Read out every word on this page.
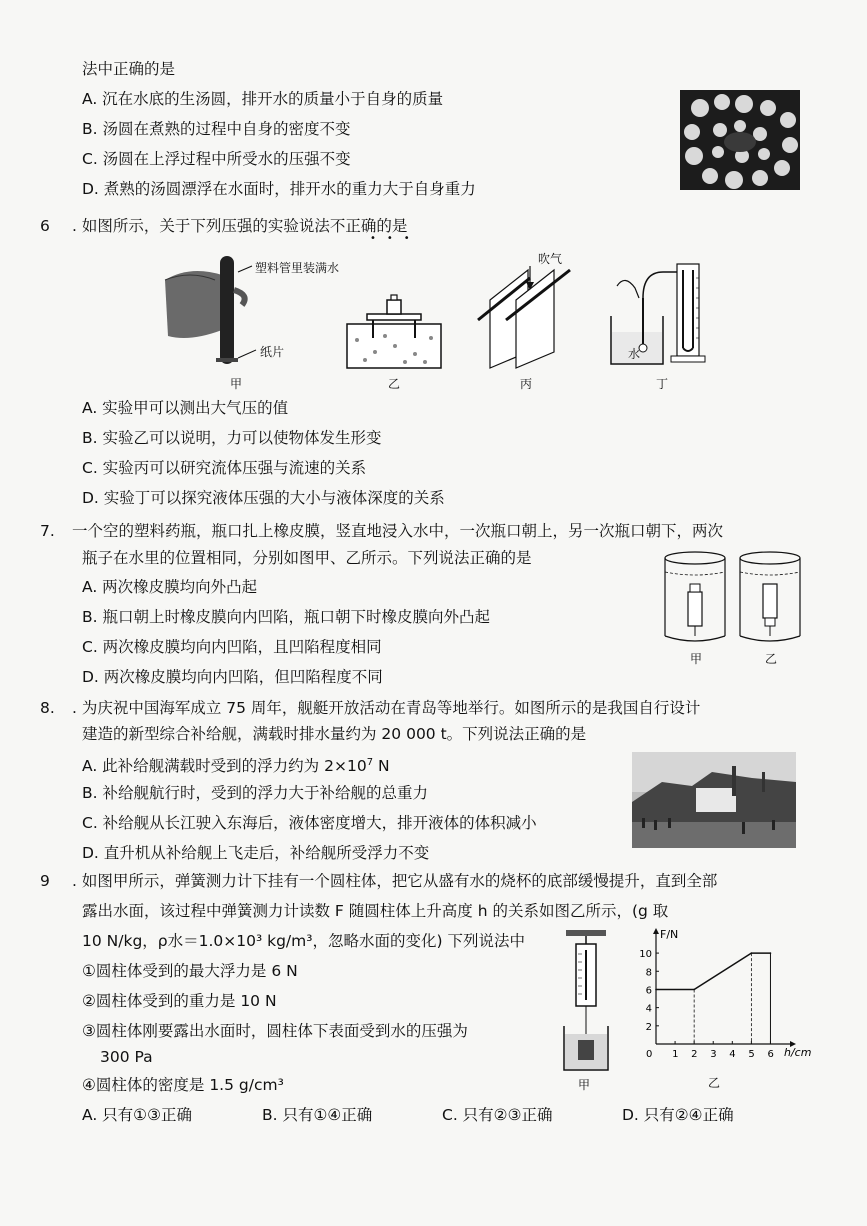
法中正确的是
A. 沉在水底的生汤圆，排开水的质量小于自身的质量
B. 汤圆在煮熟的过程中自身的密度不变
C. 汤圆在上浮过程中所受水的压强不变
D. 煮熟的汤圆漂浮在水面时，排开水的重力大于自身重力
6 . 如图所示，关于下列压强的实验说法不正确的是
•••
塑料管里装满水
纸片
甲	乙
吹气
丙
水
丁
A. 实验甲可以测出大气压的值
B. 实验乙可以说明，力可以使物体发生形变
C. 实验丙可以研究流体压强与流速的关系
D. 实验丁可以探究液体压强的大小与液体深度的关系
7. 一个空的塑料药瓶，瓶口扎上橡皮膜，竖直地浸入水中，一次瓶口朝上，另一次瓶口朝下，两次
瓶子在水里的位置相同，分别如图甲、乙所示。下列说法正确的是
A. 两次橡皮膜均向外凸起
B. 瓶口朝上时橡皮膜向内凹陷，瓶口朝下时橡皮膜向外凸起
C. 两次橡皮膜均向内凹陷，且凹陷程度相同
D. 两次橡皮膜均向内凹陷，但凹陷程度不同
甲	乙
8. . 为庆祝中国海军成立 75 周年，舰艇开放活动在青岛等地举行。如图所示的是我国自行设计
建造的新型综合补给舰，满载时排水量约为 20 000 t。下列说法正确的是
A. 此补给舰满载时受到的浮力约为 $2\times 10^7$ N
B. 补给舰航行时，受到的浮力大于补给舰的总重力
C. 补给舰从长江驶入东海后，液体密度增大，排开液体的体积减小
D. 直升机从补给舰上飞走后，补给舰所受浮力不变
9 . 如图甲所示，弹簧测力计下挂有一个圆柱体，把它从盛有水的烧杯的底部缓慢提升，直到全部
露出水面，该过程中弹簧测力计读数 F 随圆柱体上升高度 h 的关系如图乙所示，(g 取
10 N/kg，ρ水＝1.0×10³ kg/m³，忽略水面的变化) 下列说法中
①圆柱体受到的最大浮力是 6 N
②圆柱体受到的重力是 10 N
③圆柱体刚要露出水面时，圆柱体下表面受到水的压强为
300 Pa
④圆柱体的密度是 1.5 g/cm³
A. 只有①③正确	B. 只有①④正确	C. 只有②③正确	D. 只有②④正确
甲
F/N
h/cm
0 1 2 3 4 5 6
2
4
6
8
10
乙
